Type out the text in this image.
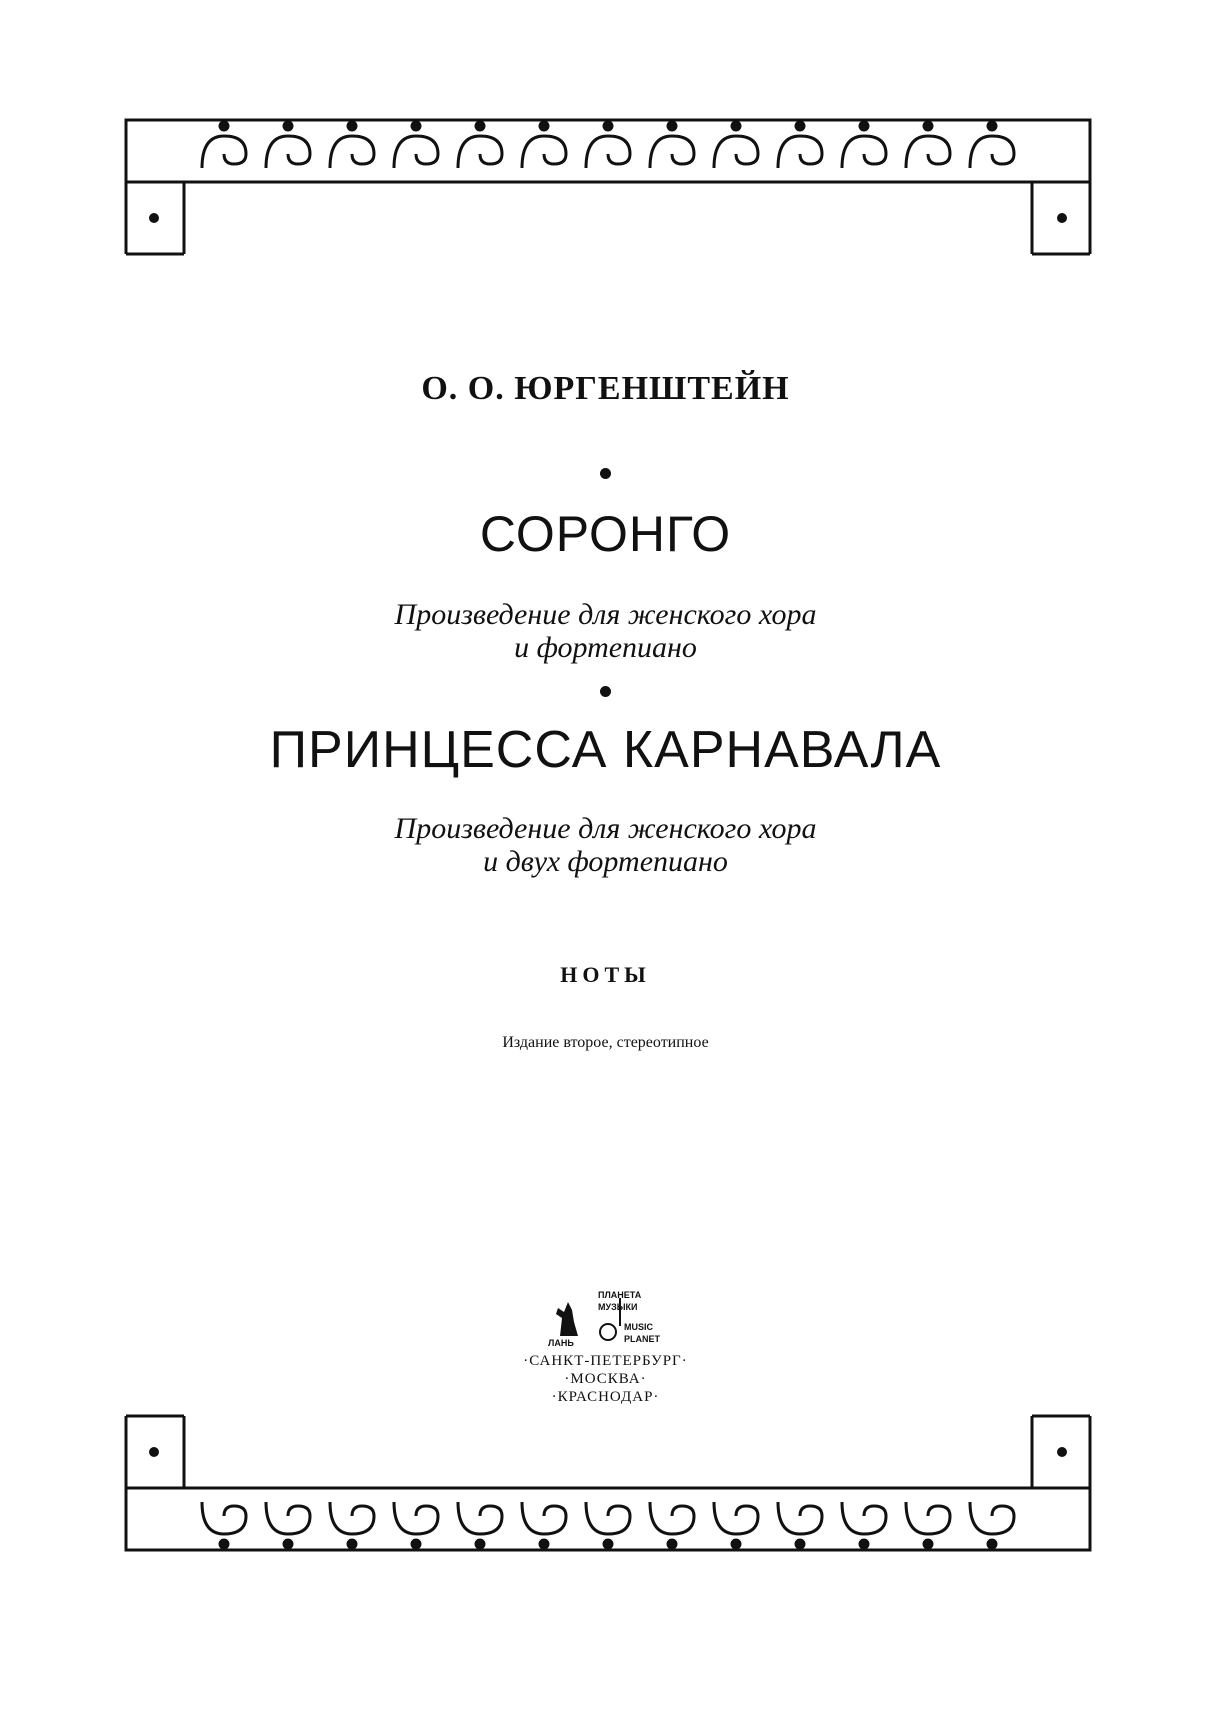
О. О. ЮРГЕНШТЕЙН
СОРОНГО
Произведение для женского хора
и фортепиано
ПРИНЦЕССА КАРНАВАЛА
Произведение для женского хора
и двух фортепиано
НОТЫ
Издание второе, стереотипное
ПЛАНЕТА
МУЗЫКИ
ЛАНЬ
MUSIC
PLANET
·САНКТ-ПЕТЕРБУРГ·
·МОСКВА·
·КРАСНОДАР·
